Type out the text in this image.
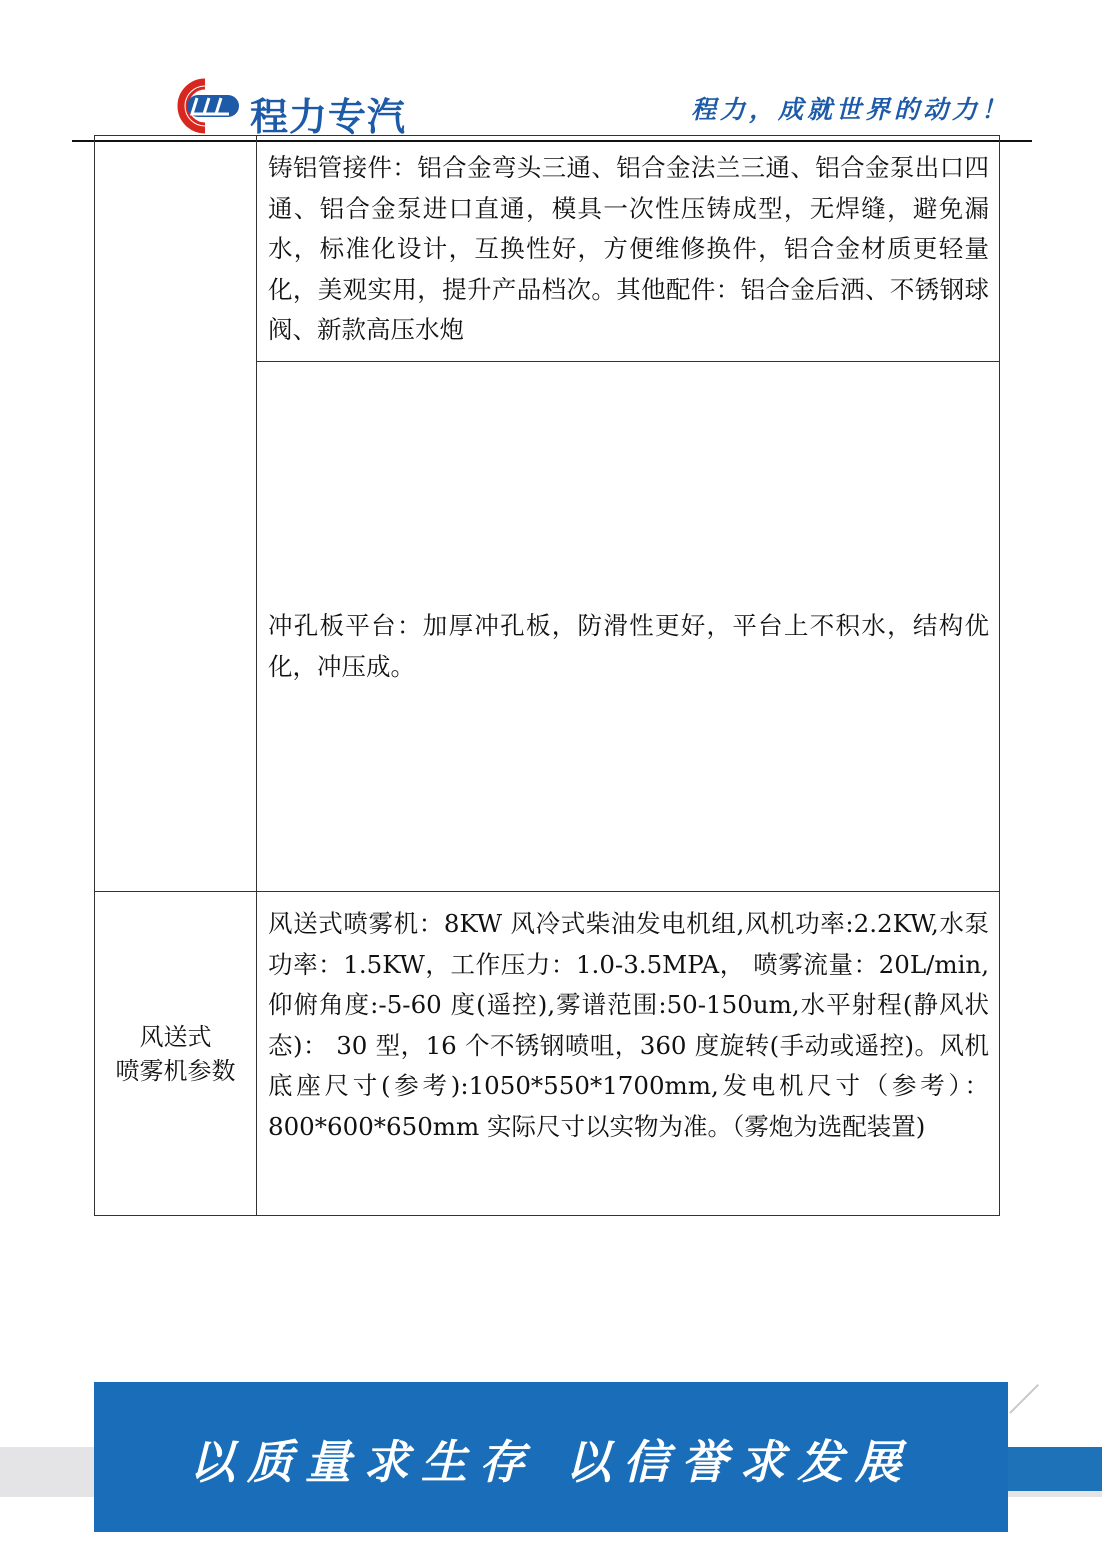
程力专汽	程力，成就世界的动力！
	铸铝管接件：铝合金弯头三通、铝合金法兰三通、铝合金泵出口四通、铝合金泵进口直通，模具一次性压铸成型，无焊缝，避免漏水，标准化设计，互换性好，方便维修换件，铝合金材质更轻量化，美观实用，提升产品档次。其他配件：铝合金后洒、不锈钢球阀、新款高压水炮
	冲孔板平台：加厚冲孔板，防滑性更好，平台上不积水，结构优化，冲压成。

风送式
喷雾机参数	风送式喷雾机：8KW 风冷式柴油发电机组,风机功率:2.2KW,水泵功率：1.5KW，工作压力：1.0-3.5MPA， 喷雾流量：20L/min,仰俯角度:-5-60 度(遥控),雾谱范围:50-150um,水平射程(静风状态)： 30 型，16 个不锈钢喷咀，360 度旋转(手动或遥控)。风机底座尺寸(参考):1050*550*1700mm,发电机尺寸（参考）：800*600*650mm 实际尺寸以实物为准。（雾炮为选配装置)
以质量求生存 以信誉求发展
